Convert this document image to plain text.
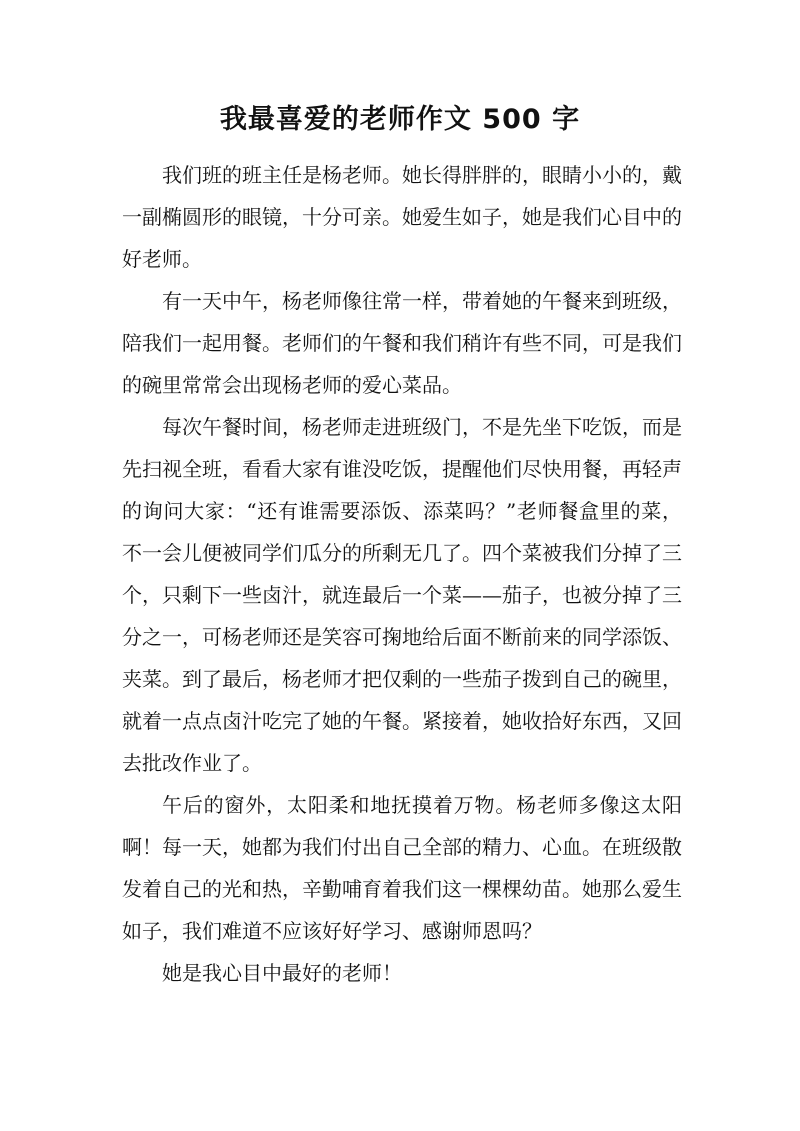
我最喜爱的老师作文 500 字

我们班的班主任是杨老师。她长得胖胖的，眼睛小小的，戴一副椭圆形的眼镜，十分可亲。她爱生如子，她是我们心目中的好老师。

有一天中午，杨老师像往常一样，带着她的午餐来到班级，陪我们一起用餐。老师们的午餐和我们稍许有些不同，可是我们的碗里常常会出现杨老师的爱心菜品。

每次午餐时间，杨老师走进班级门，不是先坐下吃饭，而是先扫视全班，看看大家有谁没吃饭，提醒他们尽快用餐，再轻声的询问大家：“还有谁需要添饭、添菜吗？”老师餐盒里的菜，不一会儿便被同学们瓜分的所剩无几了。四个菜被我们分掉了三个，只剩下一些卤汁，就连最后一个菜——茄子，也被分掉了三分之一，可杨老师还是笑容可掬地给后面不断前来的同学添饭、夹菜。到了最后，杨老师才把仅剩的一些茄子拨到自己的碗里，就着一点点卤汁吃完了她的午餐。紧接着，她收拾好东西，又回去批改作业了。

午后的窗外，太阳柔和地抚摸着万物。杨老师多像这太阳啊！每一天，她都为我们付出自己全部的精力、心血。在班级散发着自己的光和热，辛勤哺育着我们这一棵棵幼苗。她那么爱生如子，我们难道不应该好好学习、感谢师恩吗？

她是我心目中最好的老师！
